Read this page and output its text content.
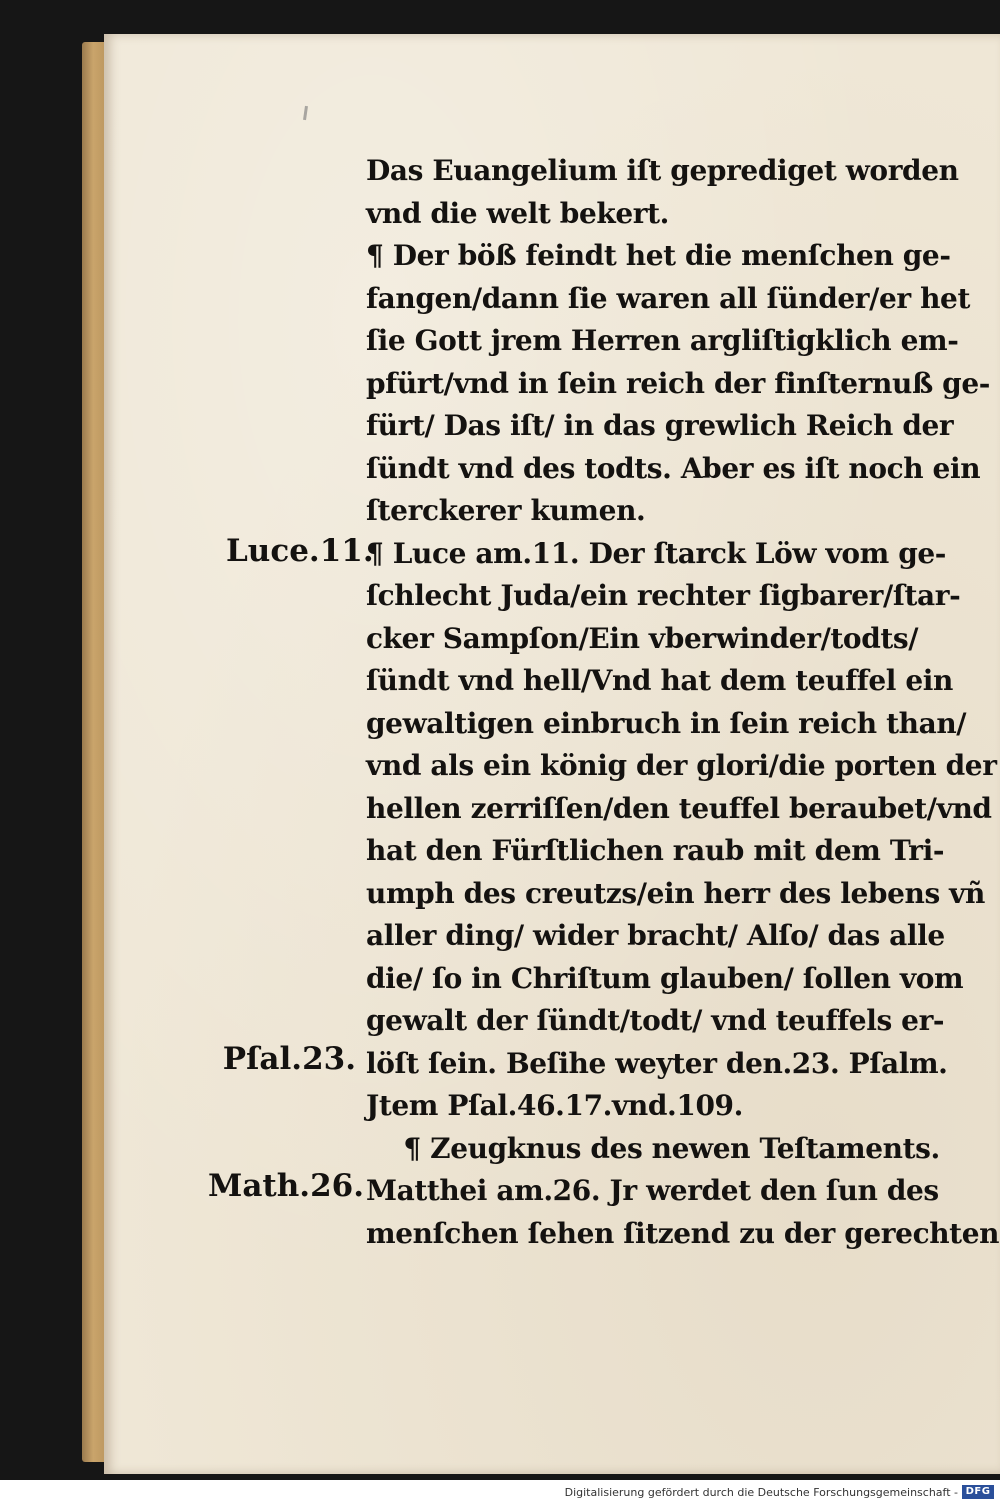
Das Euangelium iſt geprediget worden
vnd die welt bekert.
¶ Der böß feindt het die menſchen ge-
fangen/dann ſie waren all ſünder/er het
ſie Gott jrem Herren argliſtigklich em-
pfürt/vnd in ſein reich der finſternuß ge-
fürt/ Das iſt/ in das grewlich Reich der
ſündt vnd des todts. Aber es iſt noch ein
ſterckerer kumen.
¶ Luce am.11. Der ſtarck Löw vom ge-
ſchlecht Juda/ein rechter ſigbarer/ſtar-
cker Sampſon/Ein vberwinder/todts/
ſündt vnd hell/Vnd hat dem teuffel ein
gewaltigen einbruch in ſein reich than/
vnd als ein könig der glori/die porten der
hellen zerriſſen/den teuffel beraubet/vnd
hat den Fürſtlichen raub mit dem Tri-
umph des creutzs/ein herr des lebens vñ
aller ding/ wider bracht/ Alſo/ das alle
die/ ſo in Chriſtum glauben/ ſollen vom
gewalt der ſündt/todt/ vnd teuffels er-
löſt ſein. Beſihe weyter den.23. Pſalm.
Jtem Pſal.46.17.vnd.109.
¶ Zeugknus des newen Teſtaments.
Matthei am.26. Jr werdet den ſun des
menſchen ſehen ſitzend zu der gerechten
Luce.11.
Pſal.23.
Math.26.
Digitalisierung gefördert durch die Deutsche Forschungsgemeinschaft - DFG
